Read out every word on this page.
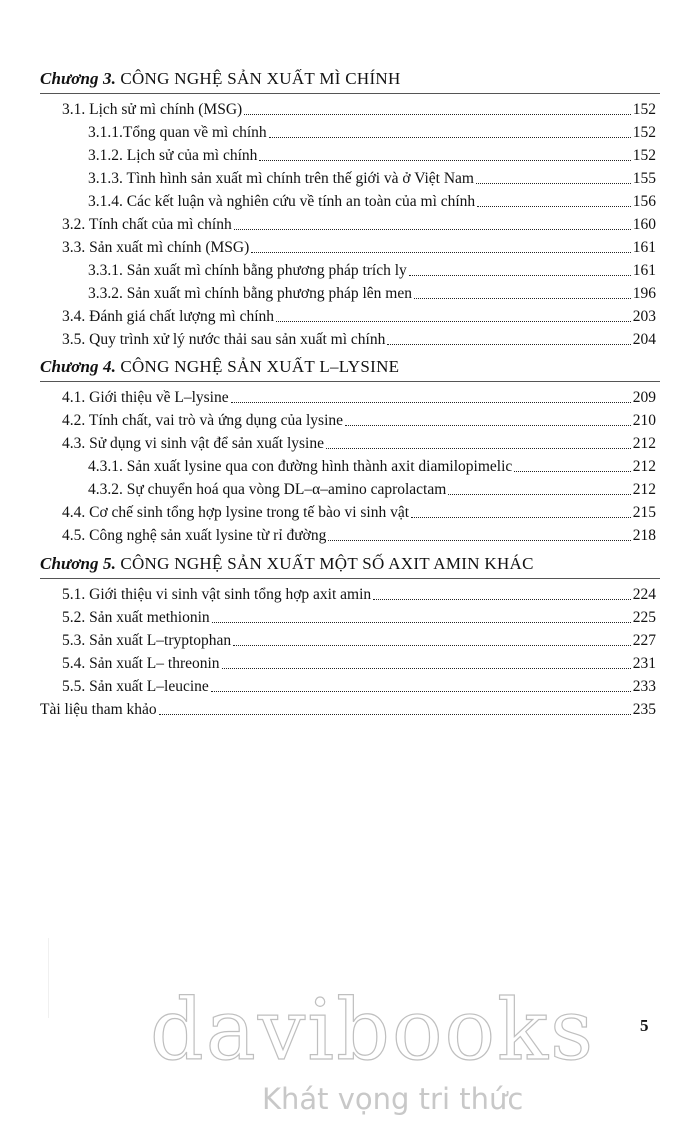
Chương 3. CÔNG NGHỆ SẢN XUẤT MÌ CHÍNH
3.1. Lịch sử mì chính (MSG)	152
3.1.1.Tổng quan về mì chính	152
3.1.2. Lịch sử của mì chính	152
3.1.3. Tình hình sản xuất mì chính trên thế giới và ở Việt Nam	155
3.1.4. Các kết luận và nghiên cứu về tính an toàn của mì chính	156
3.2. Tính chất của mì chính	160
3.3. Sản xuất mì chính (MSG)	161
3.3.1. Sản xuất mì chính bằng phương pháp trích ly	161
3.3.2. Sản xuất mì chính bằng phương pháp lên men	196
3.4. Đánh giá chất lượng mì chính	203
3.5. Quy trình xử lý nước thải sau sản xuất mì chính	204
Chương 4. CÔNG NGHỆ SẢN XUẤT L–LYSINE
4.1. Giới thiệu về L–lysine	209
4.2. Tính chất, vai trò và ứng dụng của lysine	210
4.3. Sử dụng vi sinh vật để sản xuất lysine	212
4.3.1. Sản xuất lysine qua con đường hình thành axit diamilopimelic	212
4.3.2. Sự chuyển hoá qua vòng DL–α–amino caprolactam	212
4.4. Cơ chế sinh tổng hợp lysine trong tế bào vi sinh vật	215
4.5. Công nghệ sản xuất lysine từ rỉ đường	218
Chương 5. CÔNG NGHỆ SẢN XUẤT MỘT SỐ AXIT AMIN KHÁC
5.1. Giới thiệu vi sinh vật sinh tổng hợp axit amin	224
5.2. Sản xuất methionin	225
5.3. Sản xuất L–tryptophan	227
5.4. Sản xuất L– threonin	231
5.5. Sản xuất L–leucine	233
Tài liệu tham khảo	235
5
davibooks
Khát vọng tri thức
